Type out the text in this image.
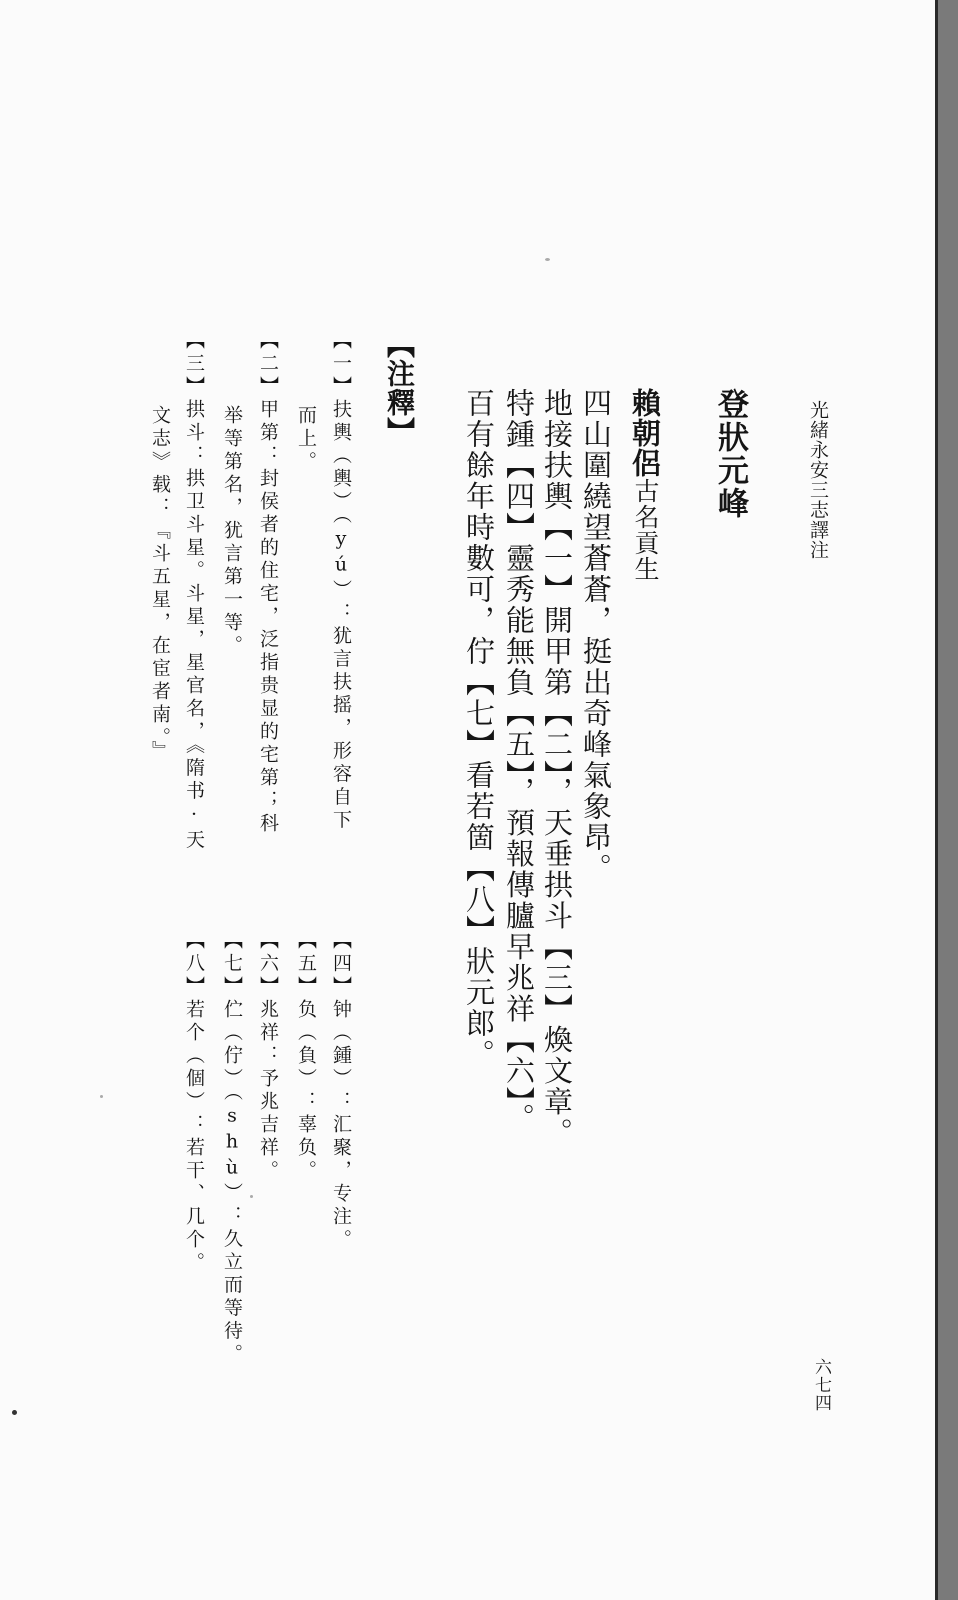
光緒永安三志譯注
登狀元峰
賴朝侶古名貢生
四山圍繞望蒼蒼，挺出奇峰氣象昂。
地接扶輿【一】開甲第【二】，天垂拱斗【三】煥文章。
特鍾【四】靈秀能無負【五】，預報傳臚早兆祥【六】。
百有餘年時數可，佇【七】看若箇【八】狀元郎。
【注釋】
【一】扶輿（輿）（yú）：犹言扶摇，形容自下
而上。
【二】甲第：封侯者的住宅，泛指贵显的宅第；科
举等第名，犹言第一等。
【三】拱斗：拱卫斗星。斗星，星官名，《隋书·天
文志》载：『斗五星，在宦者南。』
【四】钟（鍾）：汇聚，专注。
【五】负（負）：辜负。
【六】兆祥：予兆吉祥。
【七】伫（佇）（shù）：久立而等待。
【八】若个（個）：若干、几个。
六七四
